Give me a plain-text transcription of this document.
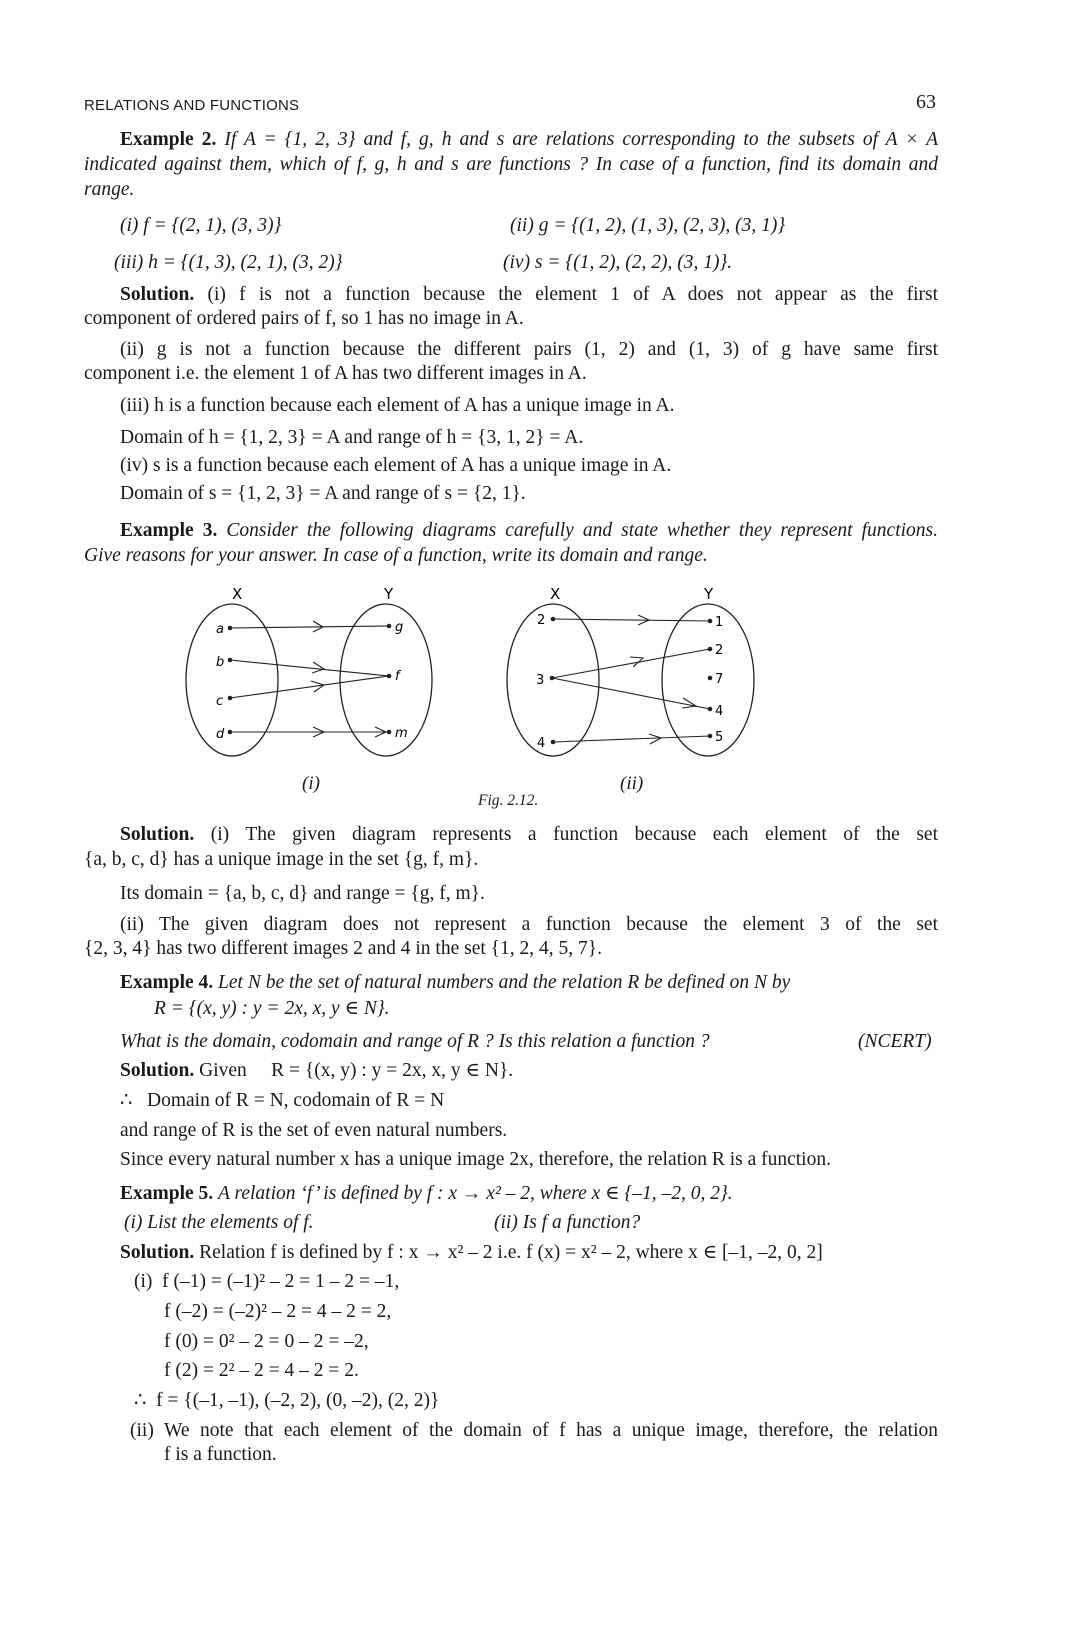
RELATIONS AND FUNCTIONS	63
Example 2. If A = {1, 2, 3} and f, g, h and s are relations corresponding to the subsets of A × A
indicated against them, which of f, g, h and s are functions ? In case of a function, find its domain and
range.
(i) f = {(2, 1), (3, 3)}	(ii) g = {(1, 2), (1, 3), (2, 3), (3, 1)}
(iii) h = {(1, 3), (2, 1), (3, 2)}	(iv) s = {(1, 2), (2, 2), (3, 1)}.
Solution. (i) f is not a function because the element 1 of A does not appear as the first
component of ordered pairs of f, so 1 has no image in A.
(ii) g is not a function because the different pairs (1, 2) and (1, 3) of g have same first
component i.e. the element 1 of A has two different images in A.
(iii) h is a function because each element of A has a unique image in A.
Domain of h = {1, 2, 3} = A and range of h = {3, 1, 2} = A.
(iv) s is a function because each element of A has a unique image in A.
Domain of s = {1, 2, 3} = A and range of s = {2, 1}.
Example 3. Consider the following diagrams carefully and state whether they represent functions.
Give reasons for your answer. In case of a function, write its domain and range.
X	Y
a
b
c
d
g
f
m
(i)
X	Y
2
3
4
1
2
7
4
5
(ii)
Fig. 2.12.
Solution. (i) The given diagram represents a function because each element of the set
{a, b, c, d} has a unique image in the set {g, f, m}.
Its domain = {a, b, c, d} and range = {g, f, m}.
(ii) The given diagram does not represent a function because the element 3 of the set
{2, 3, 4} has two different images 2 and 4 in the set {1, 2, 4, 5, 7}.
Example 4. Let N be the set of natural numbers and the relation R be defined on N by
R = {(x, y) : y = 2x, x, y ∈ N}.
What is the domain, codomain and range of R ? Is this relation a function ?	(NCERT)
Solution. Given     R = {(x, y) : y = 2x, x, y ∈ N}.
∴   Domain of R = N, codomain of R = N
and range of R is the set of even natural numbers.
Since every natural number x has a unique image 2x, therefore, the relation R is a function.
Example 5. A relation ‘f’ is defined by f : x → x² – 2, where x ∈ {–1, –2, 0, 2}.
(i) List the elements of f.	(ii) Is f a function?
Solution. Relation f is defined by f : x → x² – 2 i.e. f (x) = x² – 2, where x ∈ [–1, –2, 0, 2]
(i)  f (–1) = (–1)² – 2 = 1 – 2 = –1,
f (–2) = (–2)² – 2 = 4 – 2 = 2,
f (0) = 0² – 2 = 0 – 2 = –2,
f (2) = 2² – 2 = 4 – 2 = 2.
∴  f = {(–1, –1), (–2, 2), (0, –2), (2, 2)}
(ii) We note that each element of the domain of f has a unique image, therefore, the relation
f is a function.
